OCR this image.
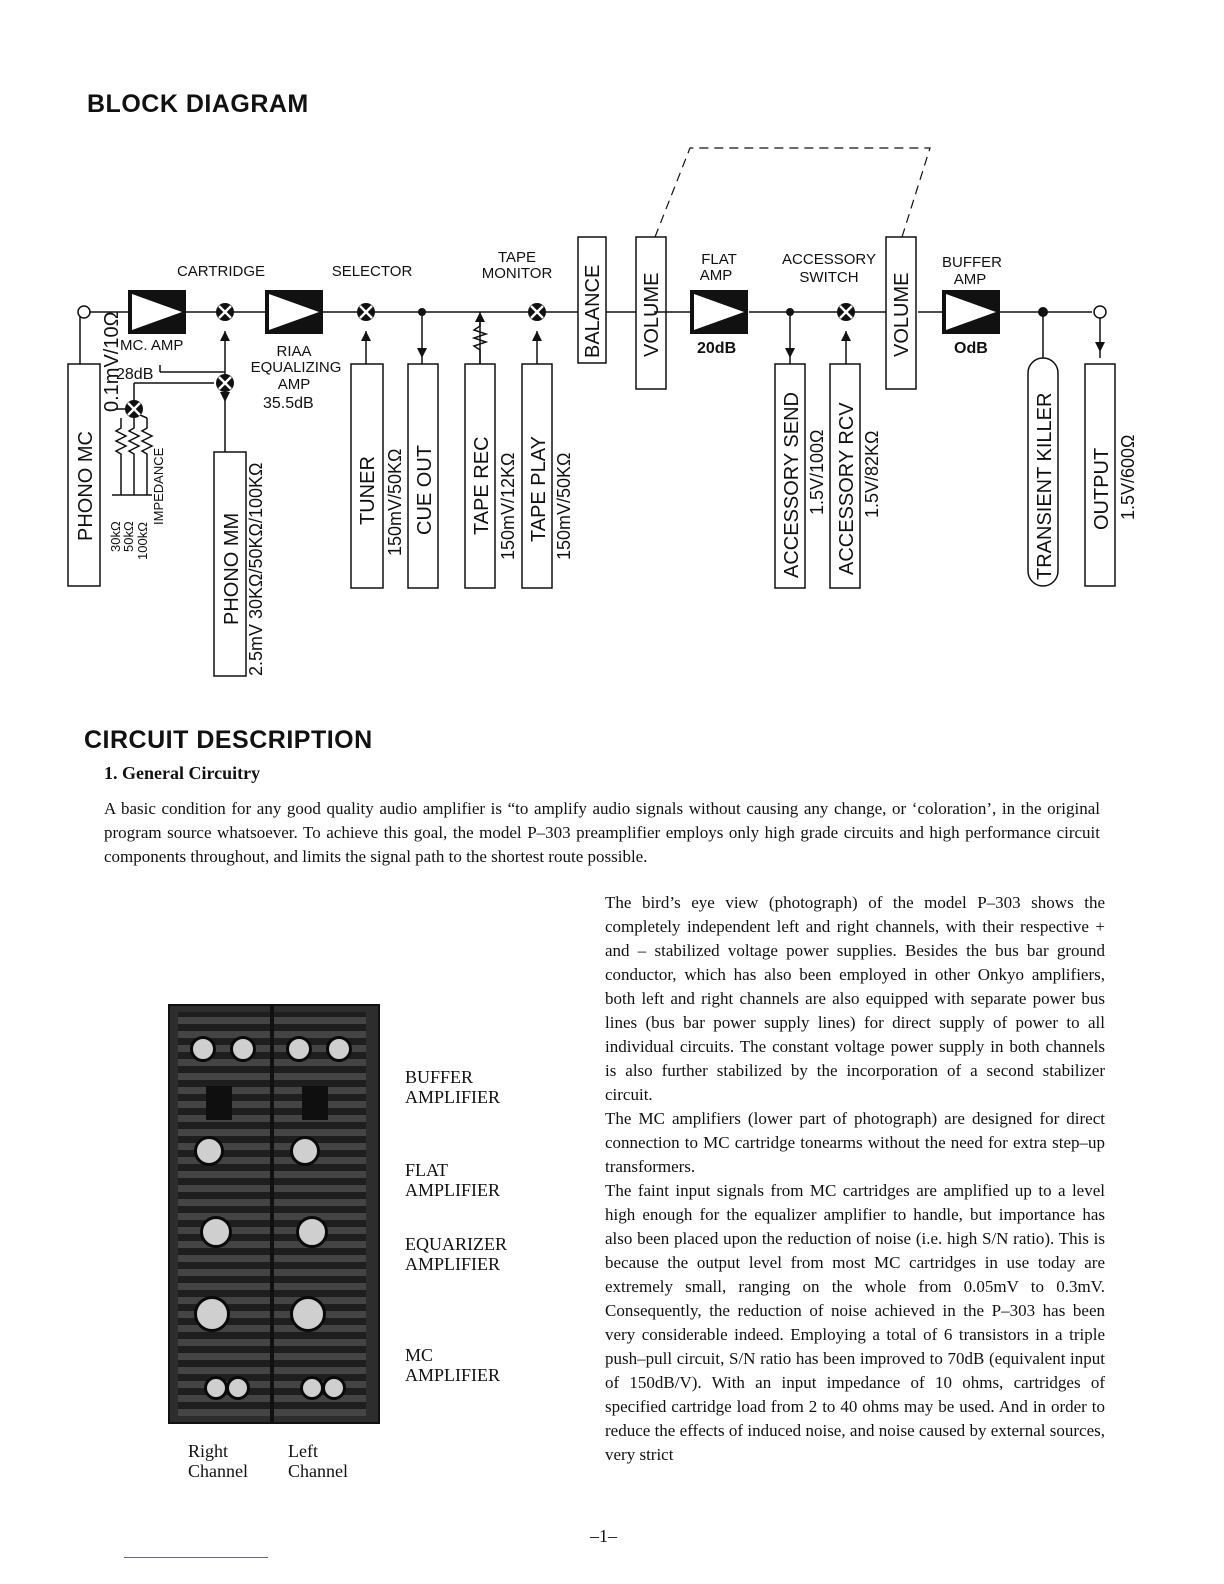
BLOCK DIAGRAM
CARTRIDGE	SELECTOR
TAPE
MONITOR
FLAT
AMP
ACCESSORY
SWITCH
BUFFER
AMP
RIAA
EQUALIZING
AMP
MC. AMP
35.5dB
20dB	OdB
28dB
PHONO MC
0.1mV/10Ω
PHONO MM 2.5mV 30KΩ/50KΩ/100KΩ	TUNER 150mV/50KΩ CUE OUT TAPE REC 150mV/12KΩ TAPE PLAY 150mV/50KΩ
BALANCE VOLUME
ACCESSORY SEND 1.5V/100Ω ACCESSORY RCV 1.5V/82KΩ
VOLUME
TRANSIENT KILLER OUTPUT 1.5V/600Ω
30kΩ
50kΩ 100kΩ
IMPEDANCE
CIRCUIT DESCRIPTION
1. General Circuitry
A basic condition for any good quality audio amplifier is “to amplify audio signals without causing any change, or ‘coloration’, in the original program source whatsoever. To achieve this goal, the model P–303 preamplifier employs only high grade circuits and high performance circuit components throughout, and limits the signal path to the shortest route possible.
BUFFER AMPLIFIER
FLAT AMPLIFIER
EQUARIZER AMPLIFIER
MC AMPLIFIER
Right Channel
Left Channel

The bird’s eye view (photograph) of the model P–303 shows the completely independent left and right channels, with their respective + and – stabilized voltage power supplies. Besides the bus bar ground conductor, which has also been employed in other Onkyo amplifiers, both left and right channels are also equipped with separate power bus lines (bus bar power supply lines) for direct supply of power to all individual circuits. The constant voltage power supply in both channels is also further stabilized by the incorporation of a second stabilizer circuit.

The MC amplifiers (lower part of photograph) are designed for direct connection to MC cartridge tonearms without the need for extra step–up transformers.

The faint input signals from MC cartridges are amplified up to a level high enough for the equalizer amplifier to handle, but importance has also been placed upon the reduction of noise (i.e. high S/N ratio). This is because the output level from most MC cartridges in use today are extremely small, ranging on the whole from 0.05mV to 0.3mV. Consequently, the reduction of noise achieved in the P–303 has been very considerable indeed. Employing a total of 6 transistors in a triple push–pull circuit, S/N ratio has been improved to 70dB (equivalent input of 150dB/V). With an input impedance of 10 ohms, cartridges of specified cartridge load from 2 to 40 ohms may be used. And in order to reduce the effects of induced noise, and noise caused by external sources, very strict

–1–
